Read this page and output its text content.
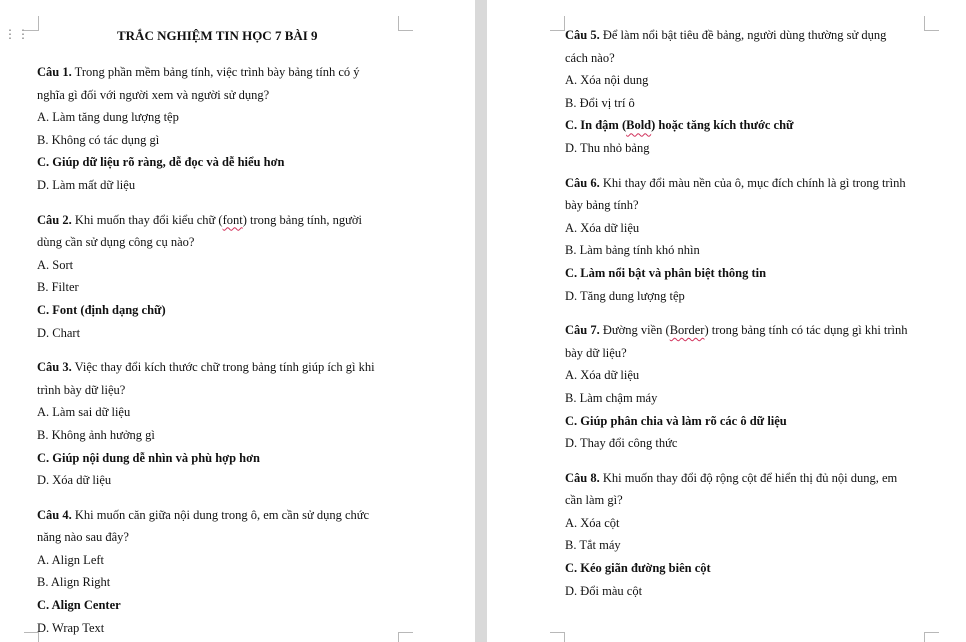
⋮⋮	TRẮC NGHIỆM TIN HỌC 7 BÀI 9

Câu 1. Trong phần mềm bảng tính, việc trình bày bảng tính có ý

nghĩa gì đối với người xem và người sử dụng?

A. Làm tăng dung lượng tệp

B. Không có tác dụng gì

C. Giúp dữ liệu rõ ràng, dễ đọc và dễ hiểu hơn

D. Làm mất dữ liệu

Câu 2. Khi muốn thay đổi kiểu chữ (font) trong bảng tính, người

dùng cần sử dụng công cụ nào?

A. Sort

B. Filter

C. Font (định dạng chữ)

D. Chart

Câu 3. Việc thay đổi kích thước chữ trong bảng tính giúp ích gì khi

trình bày dữ liệu?

A. Làm sai dữ liệu

B. Không ảnh hưởng gì

C. Giúp nội dung dễ nhìn và phù hợp hơn

D. Xóa dữ liệu

Câu 4. Khi muốn căn giữa nội dung trong ô, em cần sử dụng chức

năng nào sau đây?

A. Align Left

B. Align Right

C. Align Center

D. Wrap Text

Câu 5. Để làm nổi bật tiêu đề bảng, người dùng thường sử dụng

cách nào?

A. Xóa nội dung

B. Đổi vị trí ô

C. In đậm (Bold) hoặc tăng kích thước chữ

D. Thu nhỏ bảng

Câu 6. Khi thay đổi màu nền của ô, mục đích chính là gì trong trình

bày bảng tính?

A. Xóa dữ liệu

B. Làm bảng tính khó nhìn

C. Làm nổi bật và phân biệt thông tin

D. Tăng dung lượng tệp

Câu 7. Đường viền (Border) trong bảng tính có tác dụng gì khi trình

bày dữ liệu?

A. Xóa dữ liệu

B. Làm chậm máy

C. Giúp phân chia và làm rõ các ô dữ liệu

D. Thay đổi công thức

Câu 8. Khi muốn thay đổi độ rộng cột để hiển thị đủ nội dung, em

cần làm gì?

A. Xóa cột

B. Tắt máy

C. Kéo giãn đường biên cột

D. Đổi màu cột
